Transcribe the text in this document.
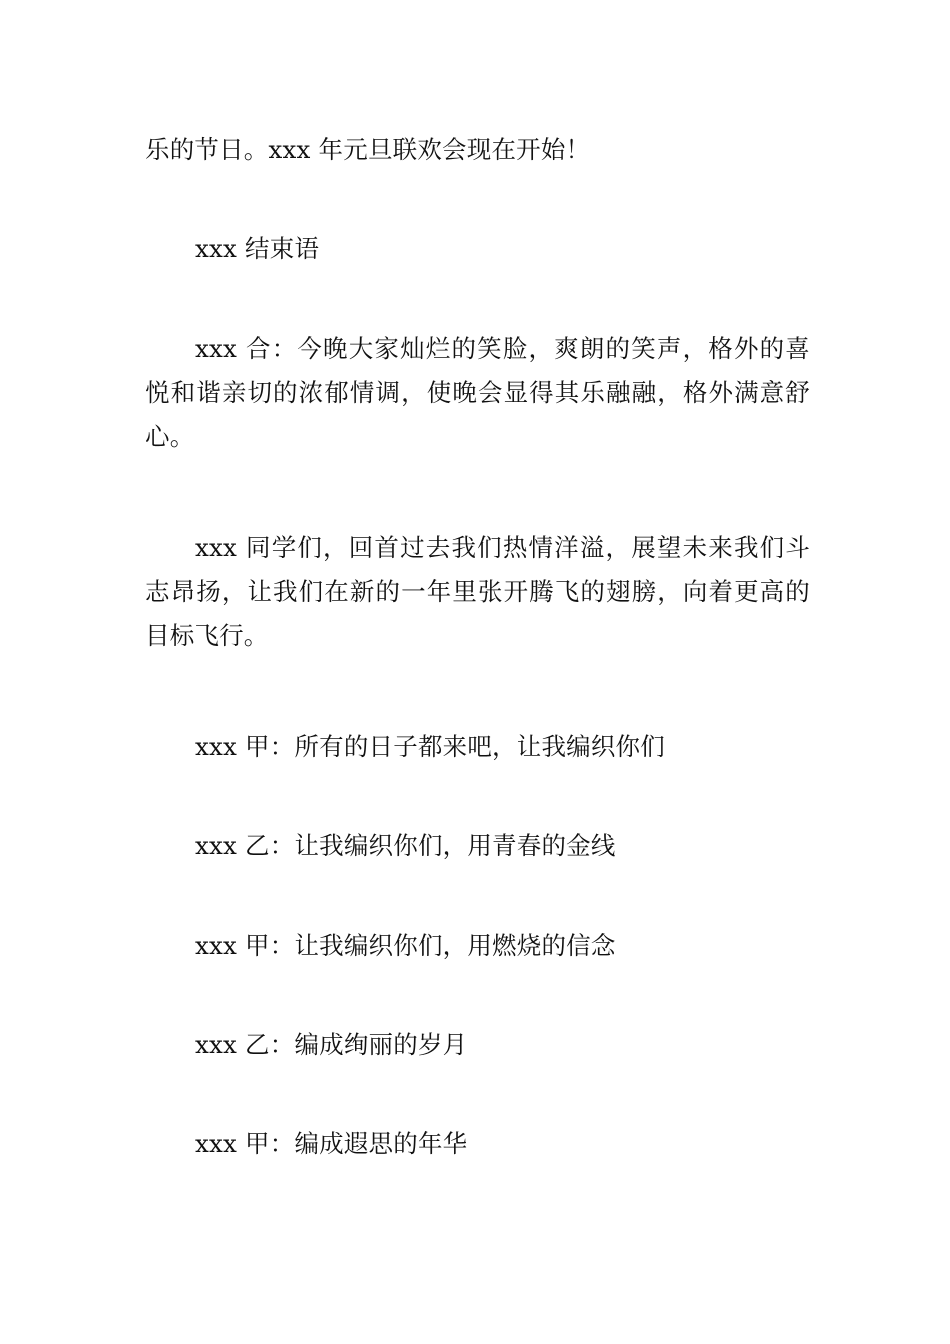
乐的节日。xxx 年元旦联欢会现在开始！

xxx 结束语

xxx 合：今晚大家灿烂的笑脸，爽朗的笑声，格外的喜悦和谐亲切的浓郁情调，使晚会显得其乐融融，格外满意舒心。

xxx 同学们，回首过去我们热情洋溢，展望未来我们斗志昂扬，让我们在新的一年里张开腾飞的翅膀，向着更高的目标飞行。

xxx 甲：所有的日子都来吧，让我编织你们

xxx 乙：让我编织你们，用青春的金线

xxx 甲：让我编织你们，用燃烧的信念

xxx 乙：编成绚丽的岁月

xxx 甲：编成遐思的年华
